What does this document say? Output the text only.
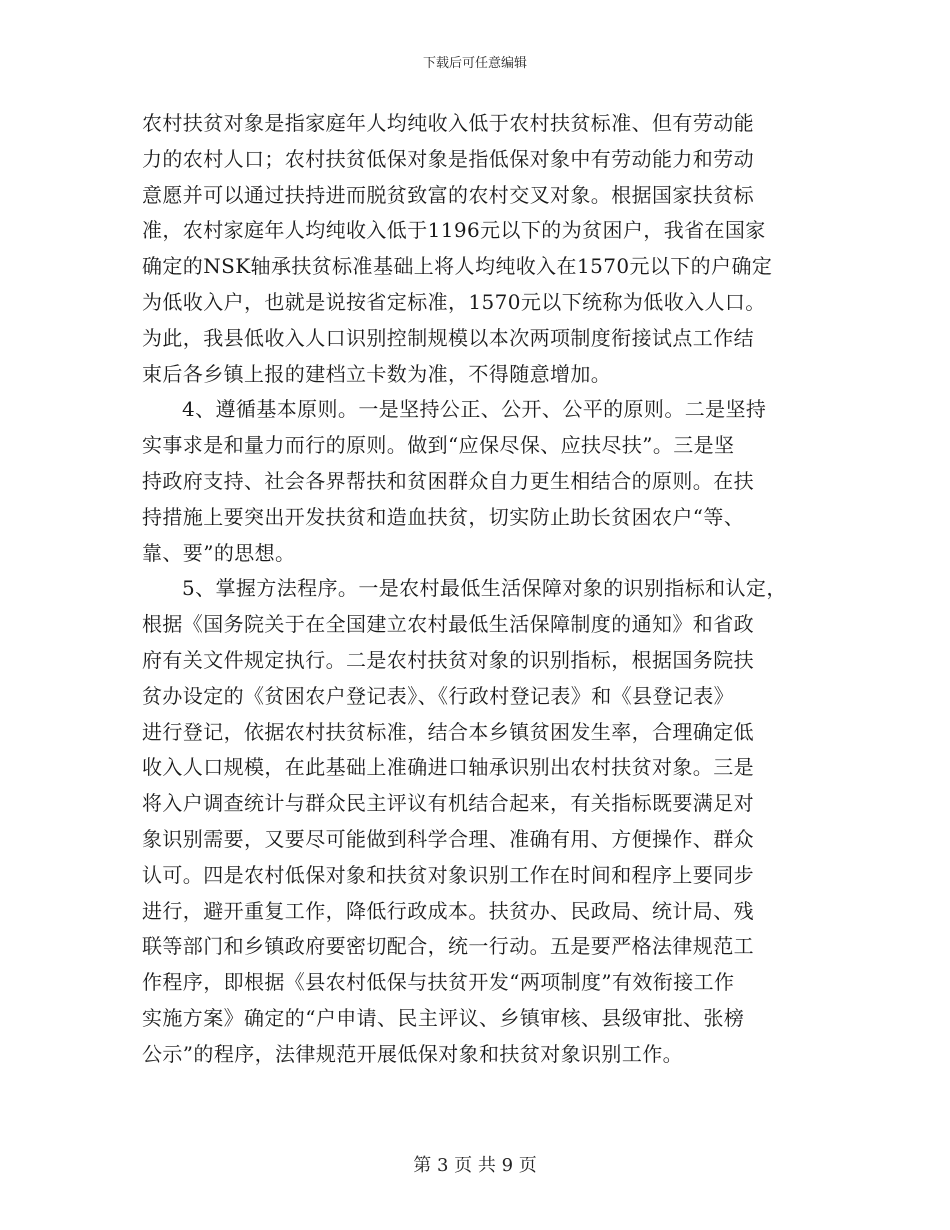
下载后可任意编辑
农村扶贫对象是指家庭年人均纯收入低于农村扶贫标准、但有劳动能
力的农村人口；农村扶贫低保对象是指低保对象中有劳动能力和劳动
意愿并可以通过扶持进而脱贫致富的农村交叉对象。根据国家扶贫标
准，农村家庭年人均纯收入低于1196元以下的为贫困户，我省在国家
确定的NSK轴承扶贫标准基础上将人均纯收入在1570元以下的户确定
为低收入户，也就是说按省定标准，1570元以下统称为低收入人口。
为此，我县低收入人口识别控制规模以本次两项制度衔接试点工作结
束后各乡镇上报的建档立卡数为准，不得随意增加。
4、遵循基本原则。一是坚持公正、公开、公平的原则。二是坚持
实事求是和量力而行的原则。做到“应保尽保、应扶尽扶”。三是坚
持政府支持、社会各界帮扶和贫困群众自力更生相结合的原则。在扶
持措施上要突出开发扶贫和造血扶贫，切实防止助长贫困农户“等、
靠、要”的思想。
5、掌握方法程序。一是农村最低生活保障对象的识别指标和认定，
根据《国务院关于在全国建立农村最低生活保障制度的通知》和省政
府有关文件规定执行。二是农村扶贫对象的识别指标，根据国务院扶
贫办设定的《贫困农户登记表》、《行政村登记表》和《县登记表》
进行登记，依据农村扶贫标准，结合本乡镇贫困发生率，合理确定低
收入人口规模，在此基础上准确进口轴承识别出农村扶贫对象。三是
将入户调查统计与群众民主评议有机结合起来，有关指标既要满足对
象识别需要，又要尽可能做到科学合理、准确有用、方便操作、群众
认可。四是农村低保对象和扶贫对象识别工作在时间和程序上要同步
进行，避开重复工作，降低行政成本。扶贫办、民政局、统计局、残
联等部门和乡镇政府要密切配合，统一行动。五是要严格法律规范工
作程序，即根据《县农村低保与扶贫开发“两项制度”有效衔接工作
实施方案》确定的“户申请、民主评议、乡镇审核、县级审批、张榜
公示”的程序，法律规范开展低保对象和扶贫对象识别工作。
第 3 页 共 9 页
